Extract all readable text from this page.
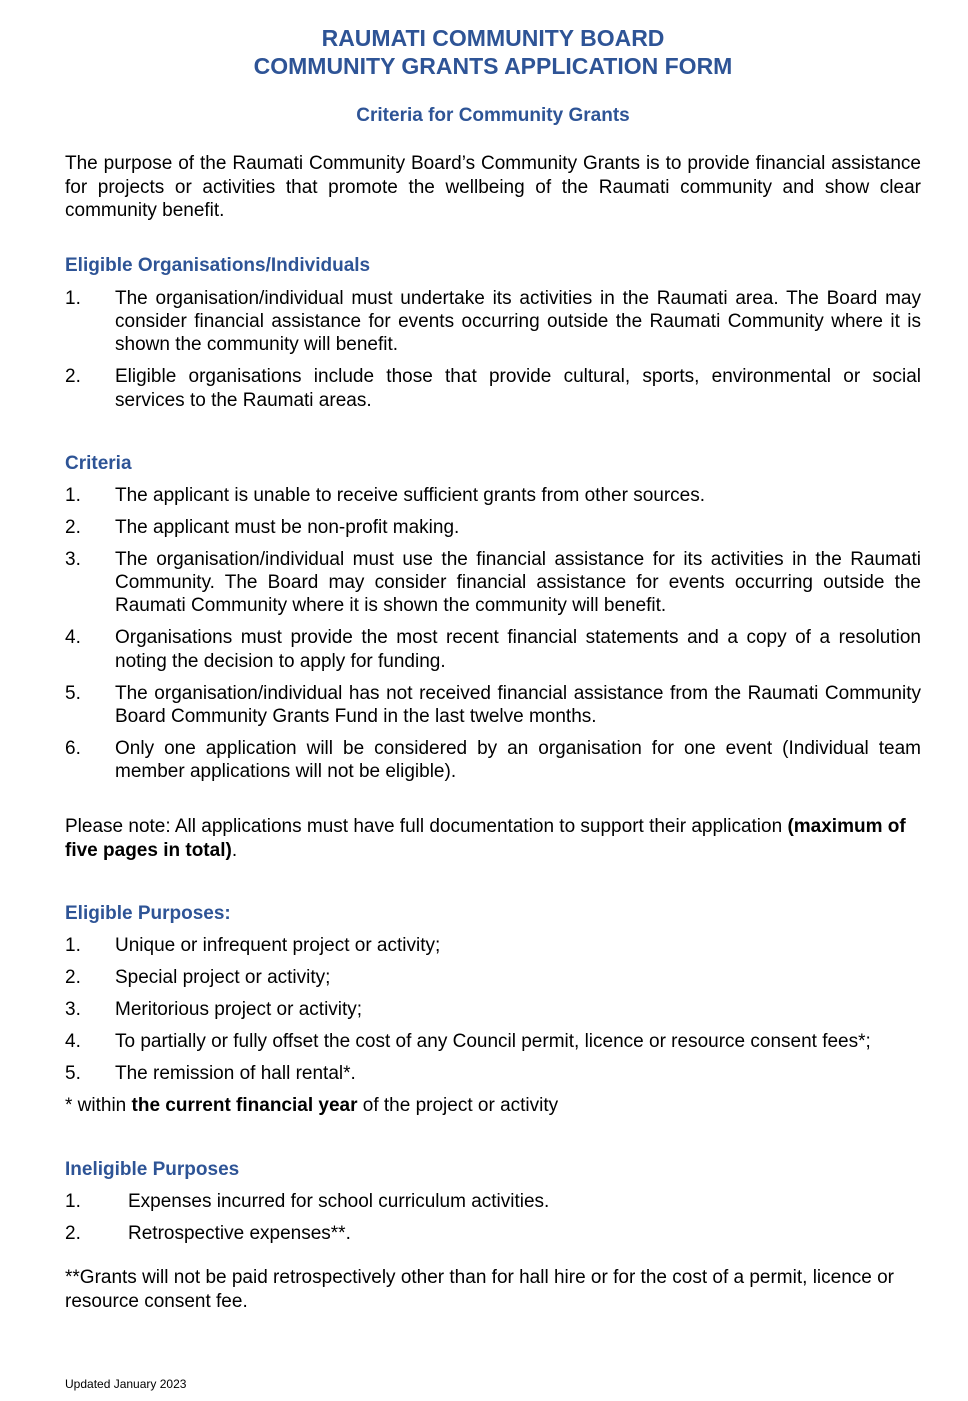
RAUMATI COMMUNITY BOARD
COMMUNITY GRANTS APPLICATION FORM
Criteria for Community Grants

The purpose of the Raumati Community Board’s Community Grants is to provide financial assistance for projects or activities that promote the wellbeing of the Raumati community and show clear community benefit.

Eligible Organisations/Individuals
1. The organisation/individual must undertake its activities in the Raumati area. The Board may consider financial assistance for events occurring outside the Raumati Community where it is shown the community will benefit.
2. Eligible organisations include those that provide cultural, sports, environmental or social services to the Raumati areas.
Criteria
1. The applicant is unable to receive sufficient grants from other sources.
2. The applicant must be non-profit making.
3. The organisation/individual must use the financial assistance for its activities in the Raumati Community. The Board may consider financial assistance for events occurring outside the Raumati Community where it is shown the community will benefit.
4. Organisations must provide the most recent financial statements and a copy of a resolution noting the decision to apply for funding.
5. The organisation/individual has not received financial assistance from the Raumati Community Board Community Grants Fund in the last twelve months.
6. Only one application will be considered by an organisation for one event (Individual team member applications will not be eligible).

Please note: All applications must have full documentation to support their application (maximum of five pages in total).

Eligible Purposes:
1. Unique or infrequent project or activity;
2. Special project or activity;
3. Meritorious project or activity;
4. To partially or fully offset the cost of any Council permit, licence or resource consent fees*;
5. The remission of hall rental*.

* within the current financial year of the project or activity

Ineligible Purposes
1. Expenses incurred for school curriculum activities.
2. Retrospective expenses**.

**Grants will not be paid retrospectively other than for hall hire or for the cost of a permit, licence or resource consent fee.

Updated January 2023
